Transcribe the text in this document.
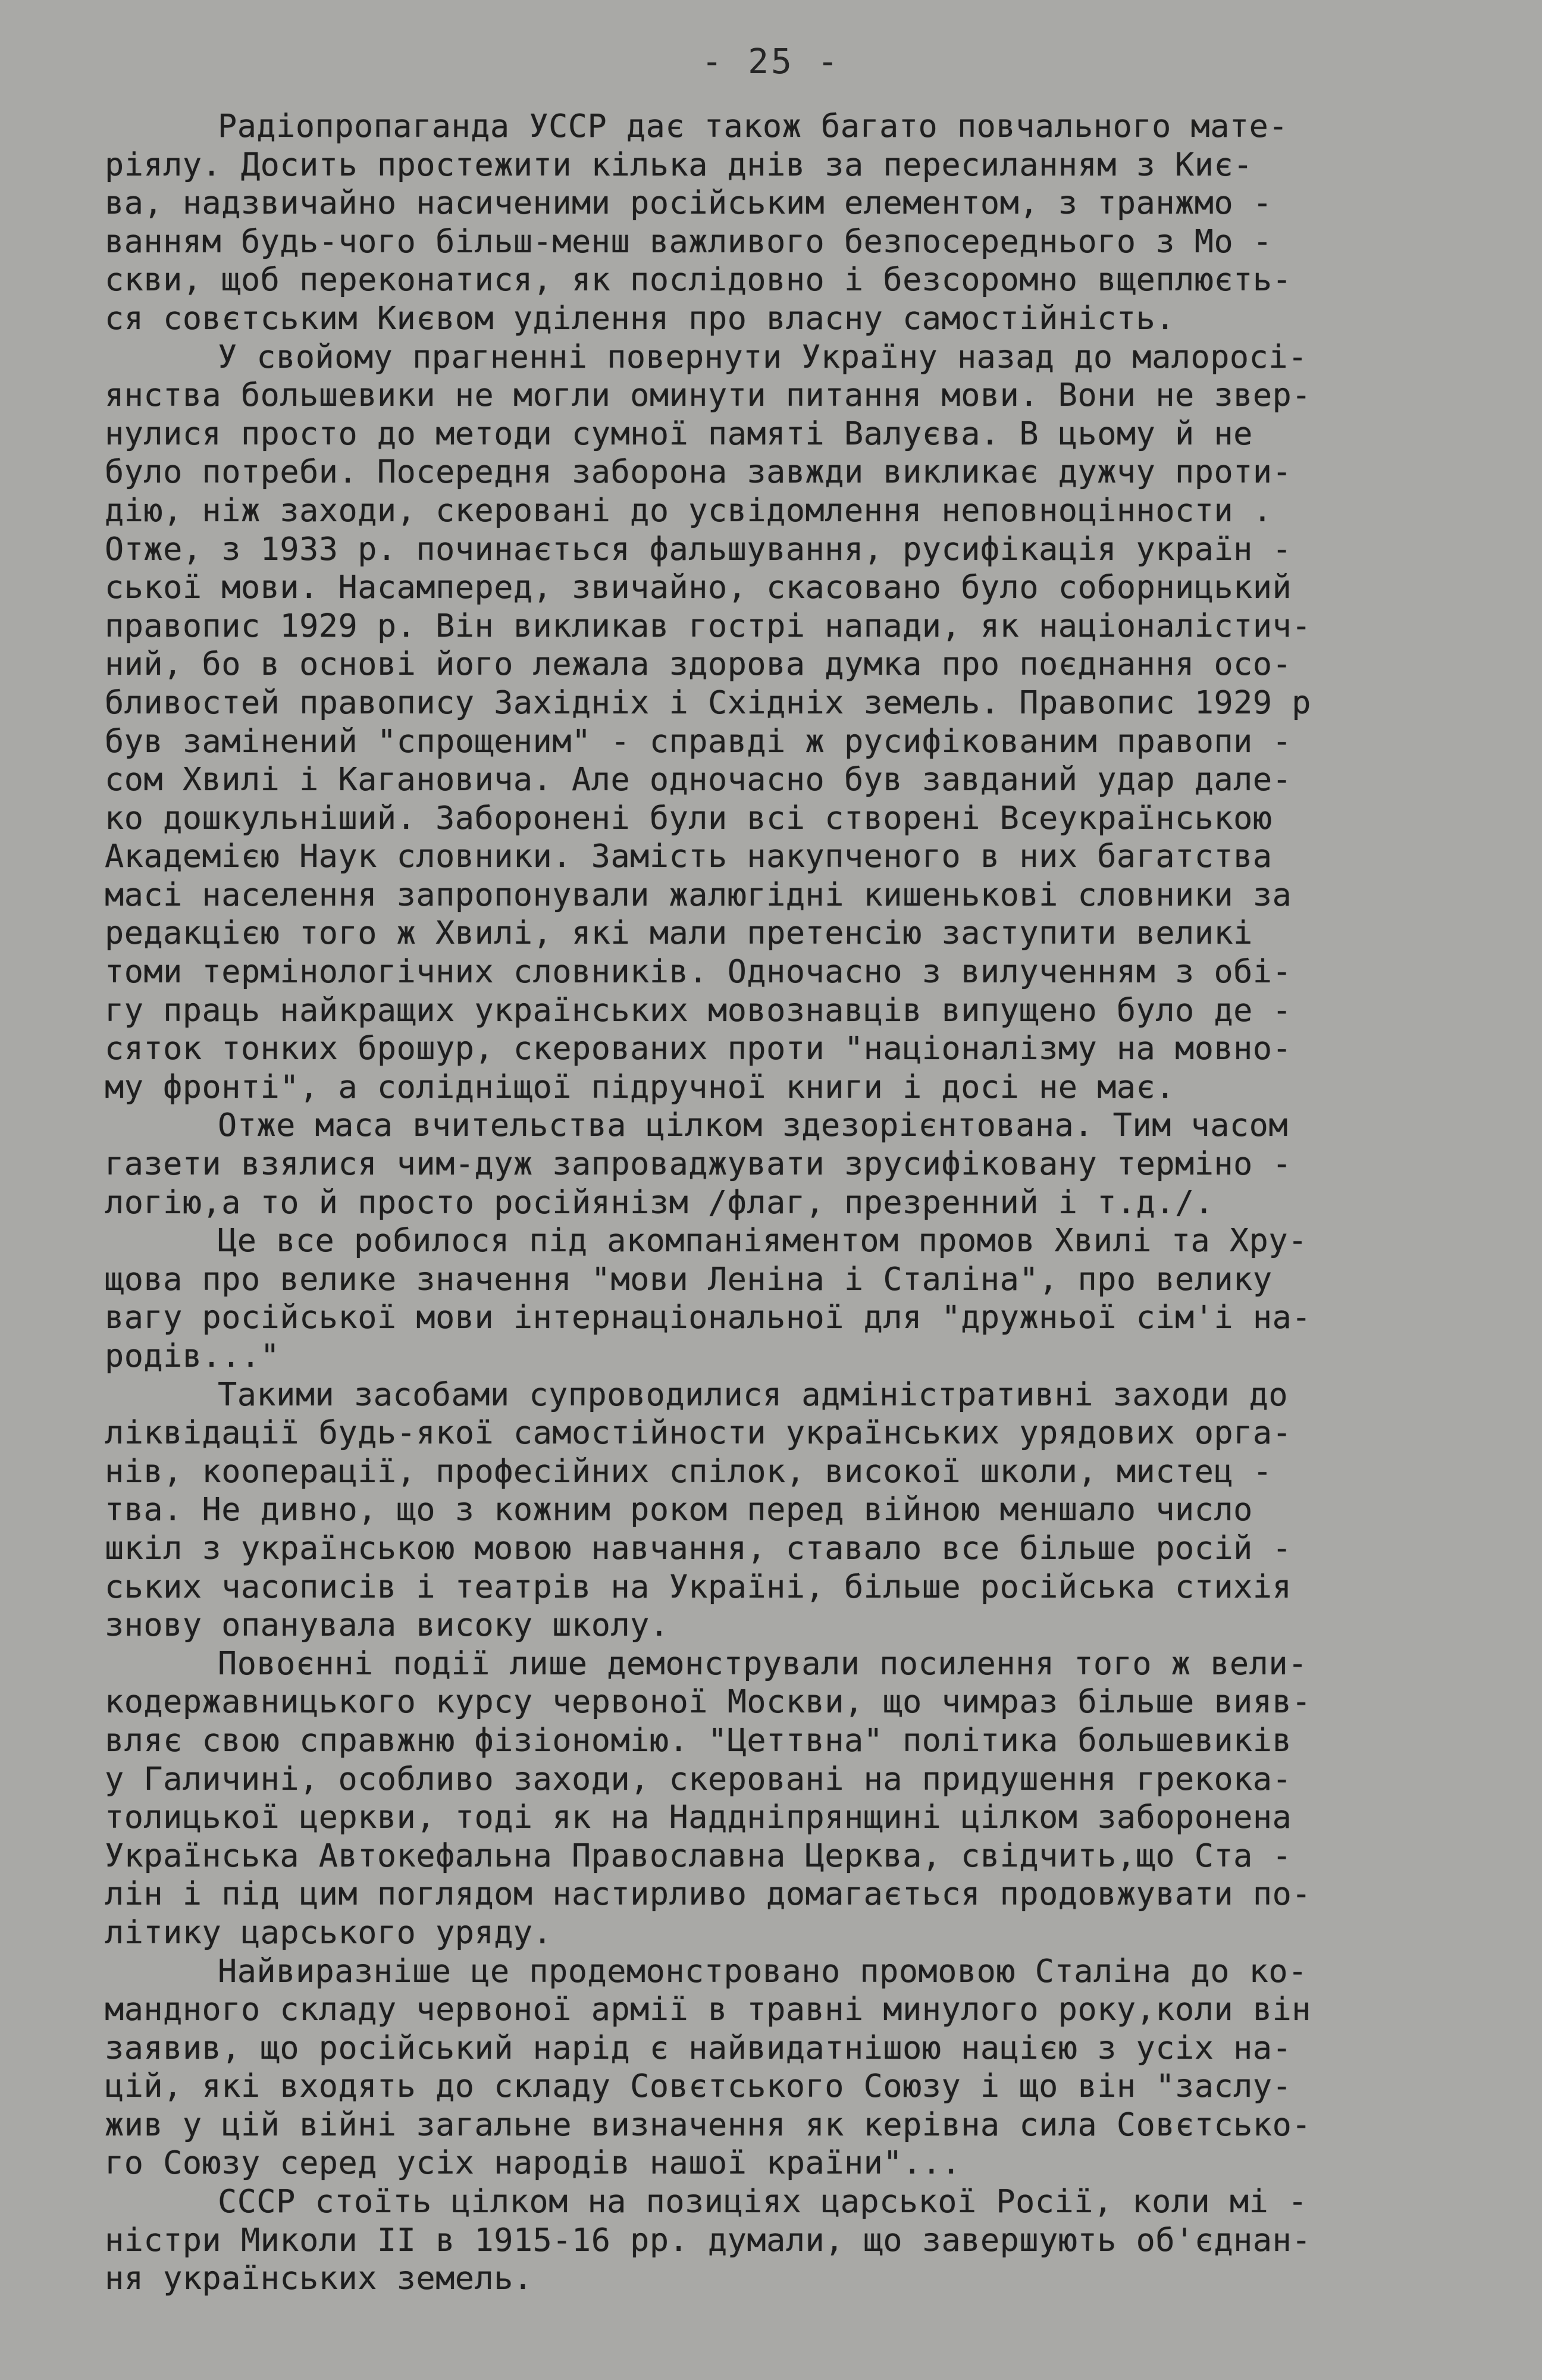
- 25 -
Радіопропаганда УССР дає також багато повчального мате-
ріялу. Досить простежити кілька днів за пересиланням з Киє-
ва, надзвичайно насиченими російським елементом, з транжмо -
ванням будь-чого більш-менш важливого безпосереднього з Мо -
скви, щоб переконатися, як послідовно і безсоромно вщеплюєть-
ся совєтським Києвом уділення про власну самостійність.
У свойому прагненні повернути Україну назад до малоросі-
янства большевики не могли оминути питання мови. Вони не звер-
нулися просто до методи сумної памяті Валуєва. В цьому й не
було потреби. Посередня заборона завжди викликає дужчу проти-
дію, ніж заходи, скеровані до усвідомлення неповноцінности .
Отже, з 1933 р. починається фальшування, русифікація україн -
ської мови. Насамперед, звичайно, скасовано було соборницький
правопис 1929 р. Він викликав гострі напади, як націоналістич-
ний, бо в основі його лежала здорова думка про поєднання осо-
бливостей правопису Західніх і Східніх земель. Правопис 1929 р
був замінений "спрощеним" - справді ж русифікованим правопи -
сом Хвилі і Кагановича. Але одночасно був завданий удар дале-
ко дошкульніший. Заборонені були всі створені Всеукраїнською
Академією Наук словники. Замість накупченого в них багатства
масі населення запропонували жалюгідні кишенькові словники за
редакцією того ж Хвилі, які мали претенсію заступити великі
томи термінологічних словників. Одночасно з вилученням з обі-
гу праць найкращих українських мовознавців випущено було де -
сяток тонких брошур, скерованих проти "націоналізму на мовно-
му фронті", а солідніщої підручної книги і досі не має.
Отже маса вчительства цілком здезорієнтована. Тим часом
газети взялися чим-дуж запроваджувати зрусифіковану терміно -
логію,а то й просто російянізм /флаг, презренний і т.д./.
Це все робилося під акомпаніяментом промов Хвилі та Хру-
щова про велике значення "мови Леніна і Сталіна", про велику
вагу російської мови інтернаціональної для "дружньої сім'і на-
родів..."
Такими засобами супроводилися адміністративні заходи до
ліквідації будь-якої самостійности українських урядових орга-
нів, кооперації, професійних спілок, високої школи, мистец -
тва. Не дивно, що з кожним роком перед війною меншало число
шкіл з українською мовою навчання, ставало все більше росій -
ських часописів і театрів на Україні, більше російська стихія
знову опанувала високу школу.
Повоєнні події лише демонстрували посилення того ж вели-
кодержавницького курсу червоної Москви, що чимраз більше вияв-
вляє свою справжню фізіономію. "Цеттвна" політика большевиків
у Галичині, особливо заходи, скеровані на придушення грекока-
толицької церкви, тоді як на Наддніпрянщині цілком заборонена
Українська Автокефальна Православна Церква, свідчить,що Ста -
лін і під цим поглядом настирливо домагається продовжувати по-
літику царського уряду.
Найвиразніше це продемонстровано промовою Сталіна до ко-
мандного складу червоної армії в травні минулого року,коли він
заявив, що російський нарід є найвидатнішою нацією з усіх на-
цій, які входять до складу Совєтського Союзу і що він "заслу-
жив у цій війні загальне визначення як керівна сила Совєтсько-
го Союзу серед усіх народів нашої країни"...
СССР стоїть цілком на позиціях царської Росії, коли мі -
ністри Миколи II в 1915-16 рр. думали, що завершують об'єднан-
ня українських земель.
